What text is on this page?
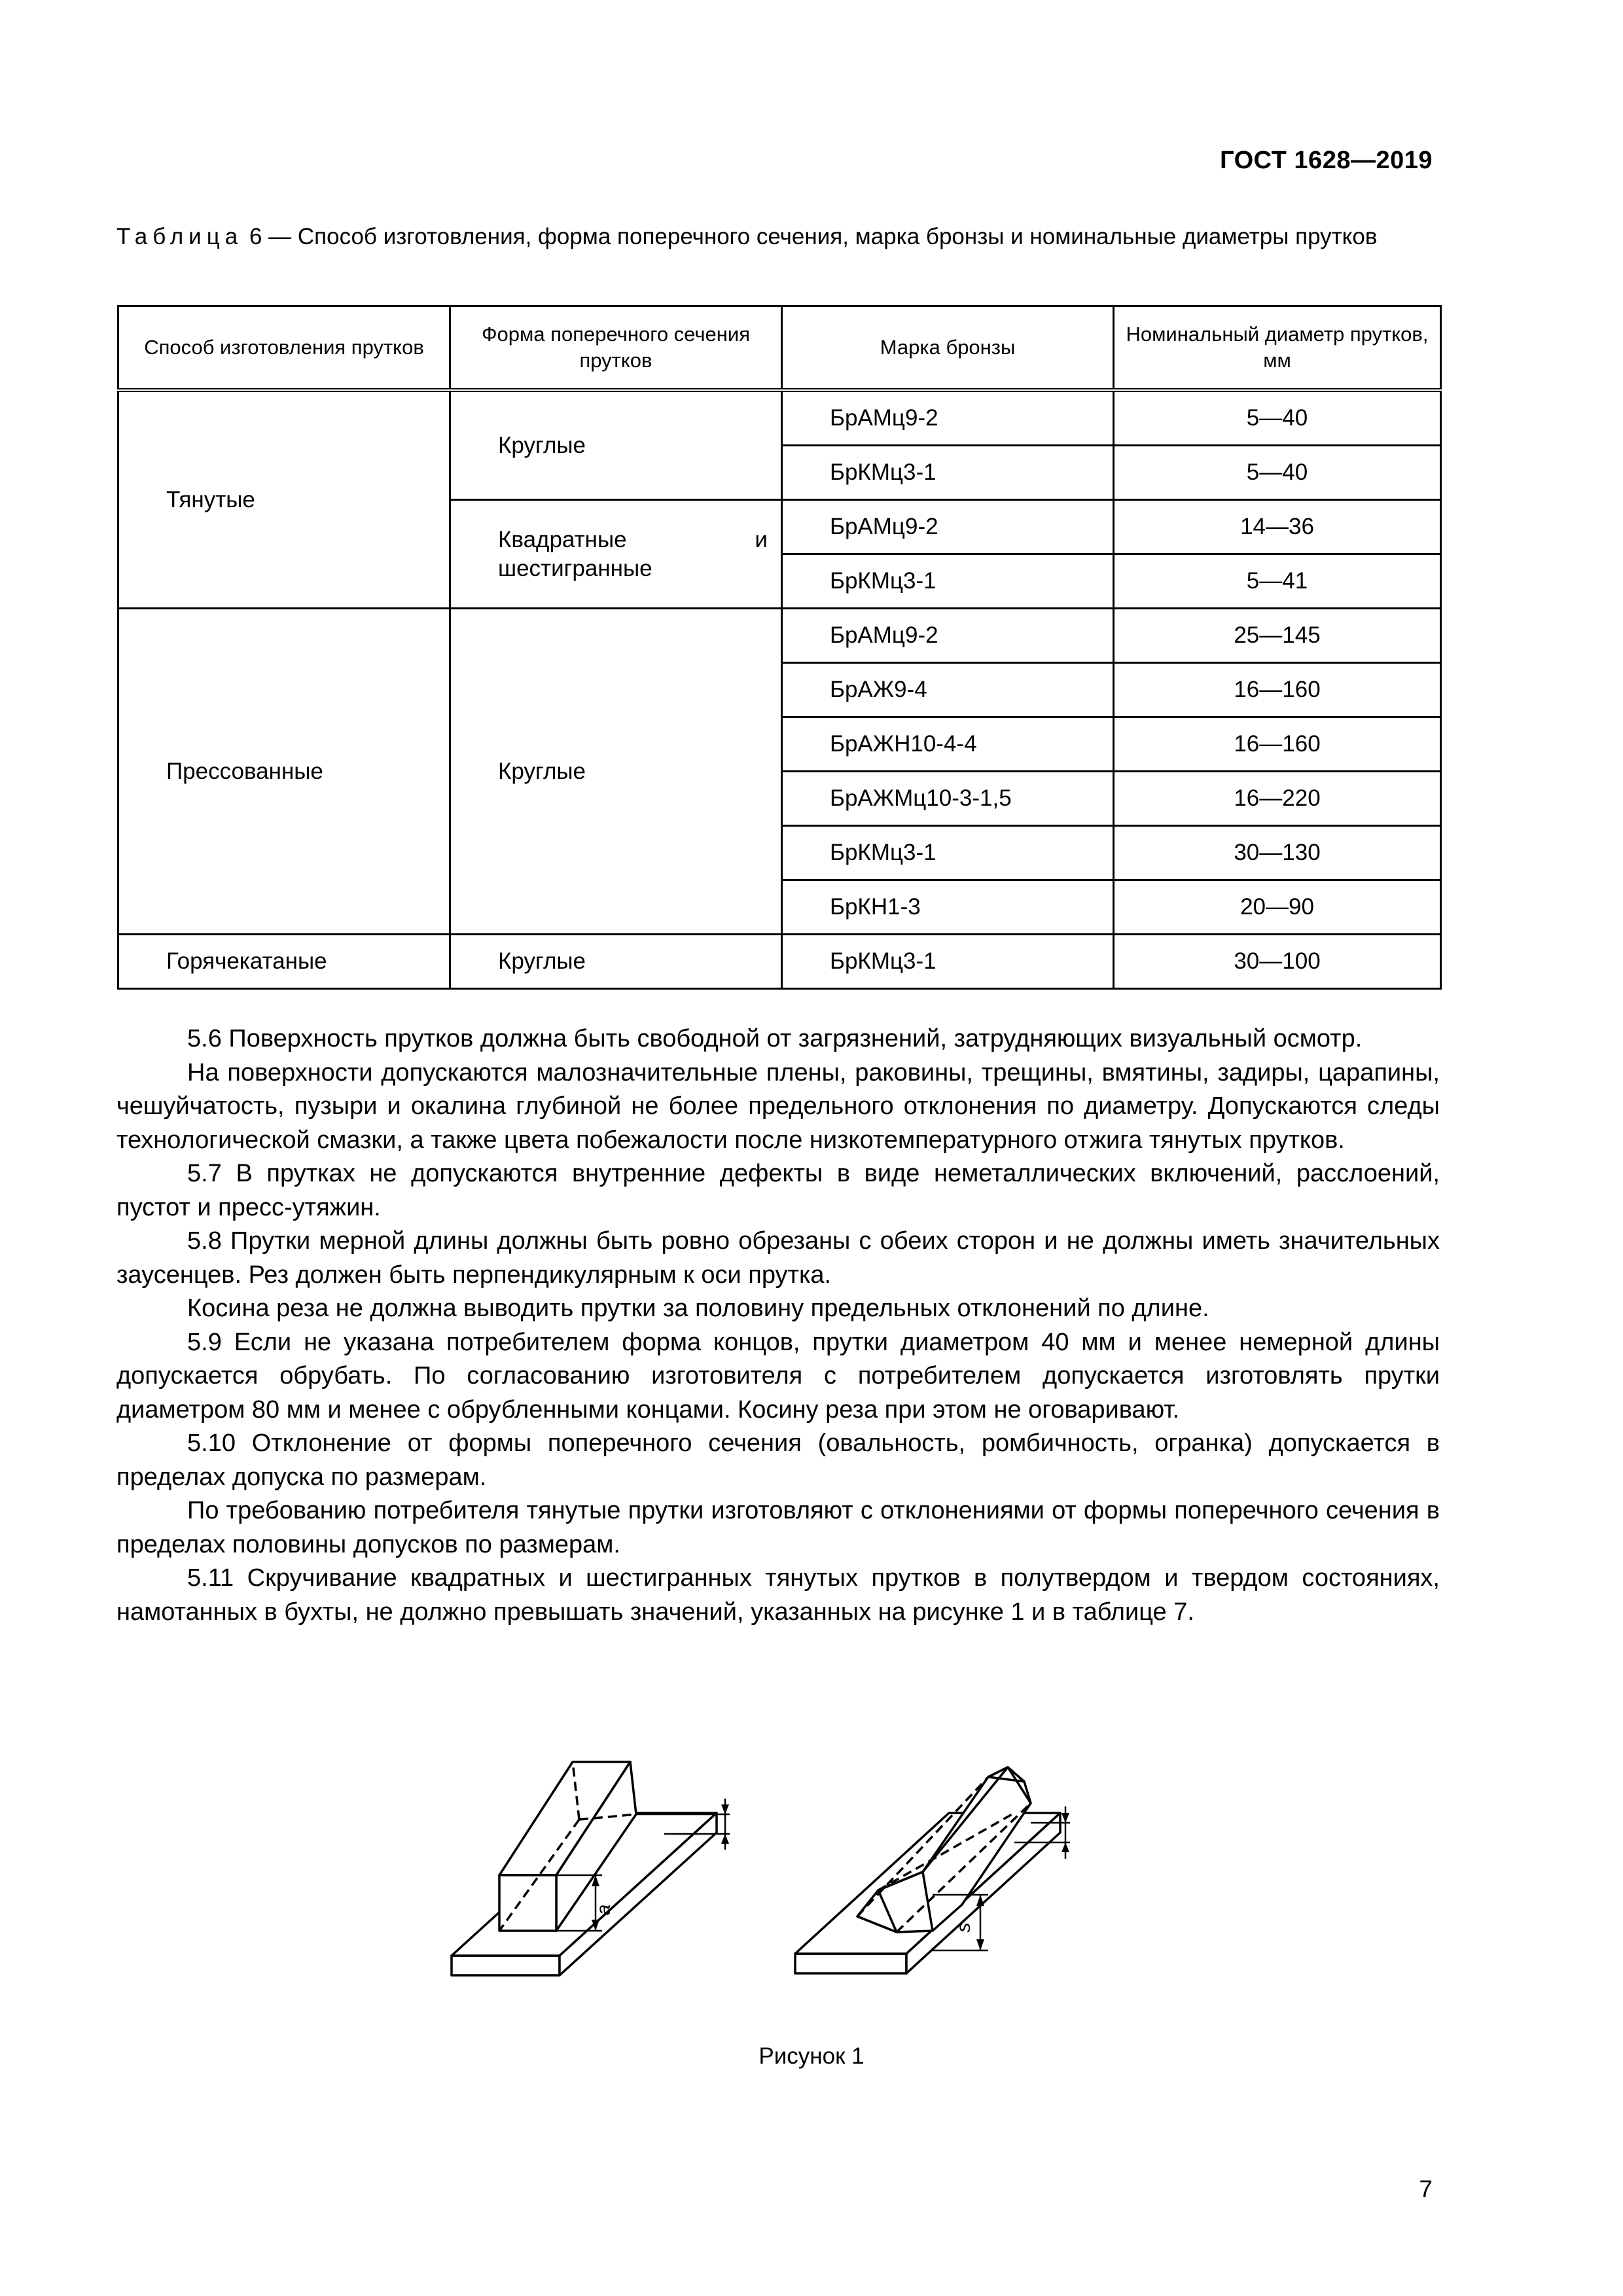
ГОСТ 1628—2019
Таблица 6 — Способ изготовления, форма поперечного сечения, марка бронзы и номинальные диаметры прутков
Способ изготовления прутков	Форма поперечного сечения прутков	Марка бронзы	Номинальный диаметр прутков, мм
Тянутые	Круглые	БрАМц9-2	5—40
		БрКМц3-1	5—40

	Квадратные и шестигранные	БрАМц9-2	14—36
		БрКМц3-1	5—41
Прессованные	Круглые	БрАМц9-2	25—145
		БрАЖ9-4	16—160
		БрАЖН10-4-4	16—160
		БрАЖМц10-3-1,5	16—220
		БрКМц3-1	30—130
		БрКН1-3	20—90
Горячекатаные	Круглые	БрКМц3-1	30—100

5.6 Поверхность прутков должна быть свободной от загрязнений, затрудняющих визуальный осмотр.

На поверхности допускаются малозначительные плены, раковины, трещины, вмятины, задиры, царапины, чешуйчатость, пузыри и окалина глубиной не более предельного отклонения по диаметру. Допускаются следы технологической смазки, а также цвета побежалости после низкотемпературного отжига тянутых прутков.

5.7 В прутках не допускаются внутренние дефекты в виде неметаллических включений, расслоений, пустот и пресс-утяжин.

5.8 Прутки мерной длины должны быть ровно обрезаны с обеих сторон и не должны иметь значительных заусенцев. Рез должен быть перпендикулярным к оси прутка.

Косина реза не должна выводить прутки за половину предельных отклонений по длине.

5.9 Если не указана потребителем форма концов, прутки диаметром 40 мм и менее немерной длины допускается обрубать. По согласованию изготовителя с потребителем допускается изготовлять прутки диаметром 80 мм и менее с обрубленными концами. Косину реза при этом не оговаривают.

5.10 Отклонение от формы поперечного сечения (овальность, ромбичность, огранка) допускается в пределах допуска по размерам.

По требованию потребителя тянутые прутки изготовляют с отклонениями от формы поперечного сечения в пределах половины допусков по размерам.

5.11 Скручивание квадратных и шестигранных тянутых прутков в полутвердом и твердом состояниях, намотанных в бухты, не должно превышать значений, указанных на рисунке 1 и в таблице 7.

a
s
Рисунок 1
7
